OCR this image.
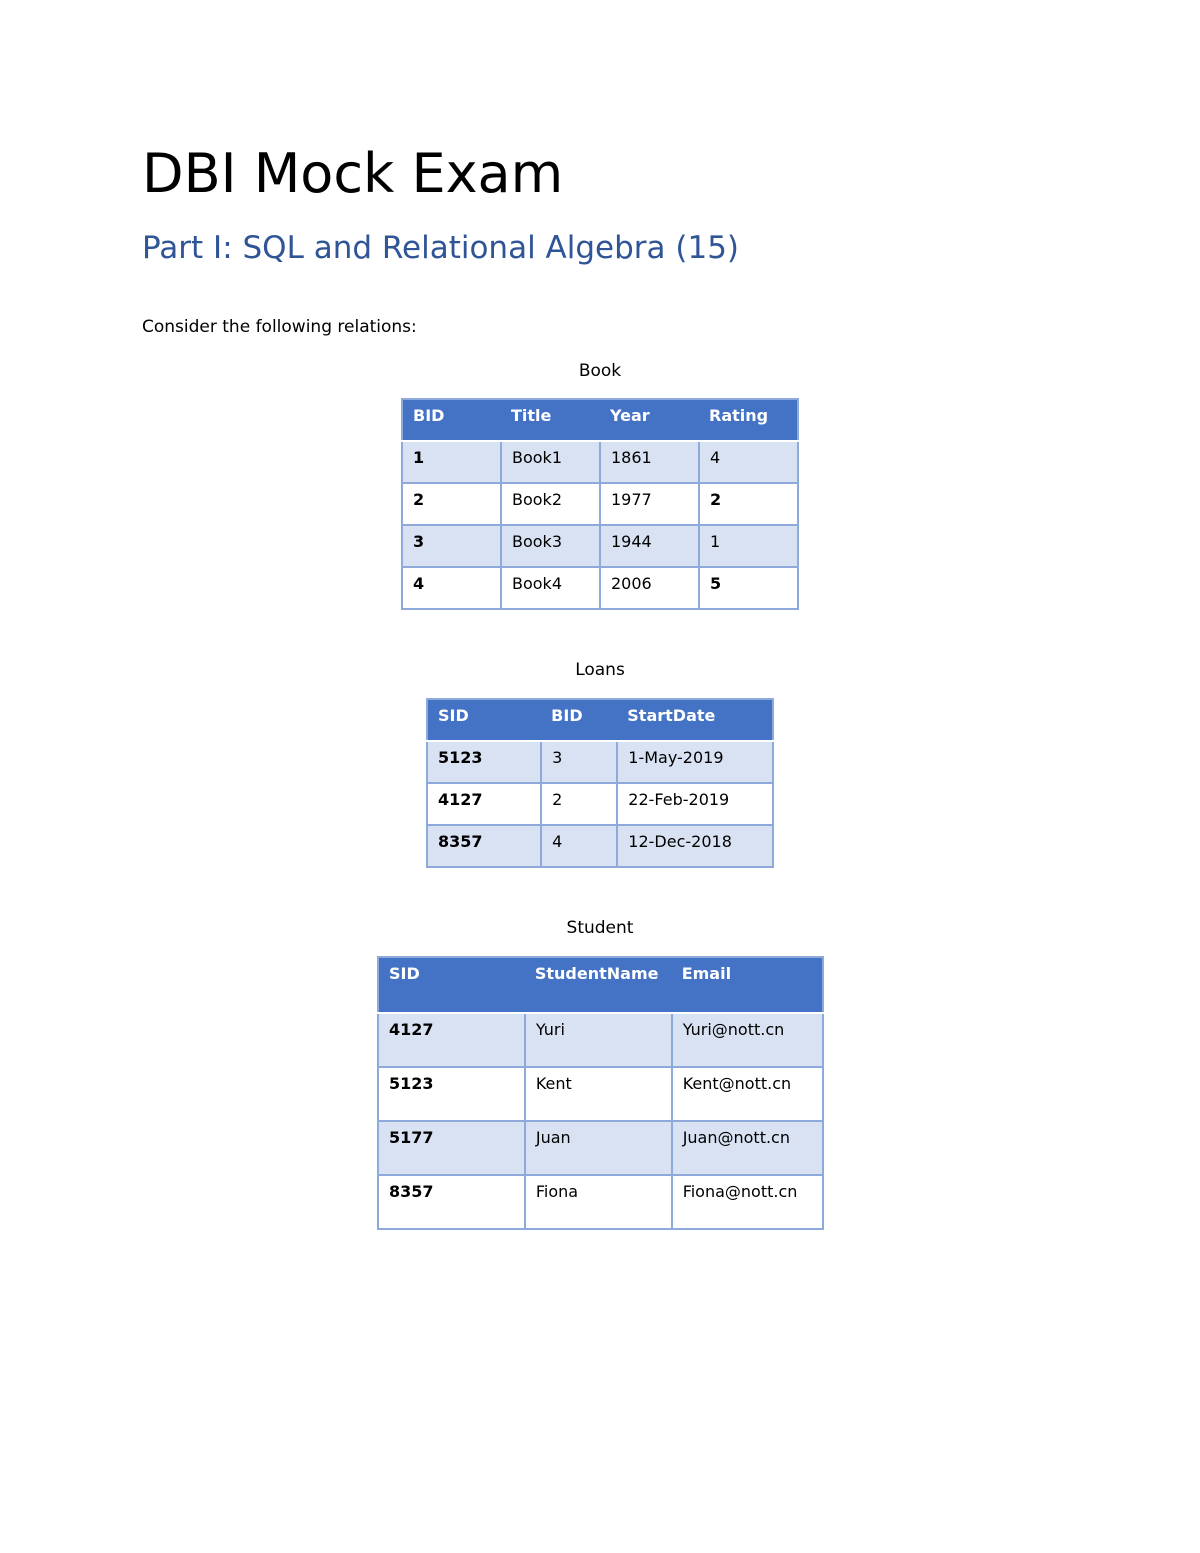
DBI Mock Exam
Part I: SQL and Relational Algebra (15)

Consider the following relations:

Book
BID	Title	Year	Rating
1	Book1	1861	4
2	Book2	1977	2
3	Book3	1944	1
4	Book4	2006	5
Loans
SID	BID	StartDate
5123	3	1-May-2019
4127	2	22-Feb-2019
8357	4	12-Dec-2018
Student
SID	StudentName	Email
4127	Yuri	Yuri@nott.cn
5123	Kent	Kent@nott.cn
5177	Juan	Juan@nott.cn
8357	Fiona	Fiona@nott.cn
